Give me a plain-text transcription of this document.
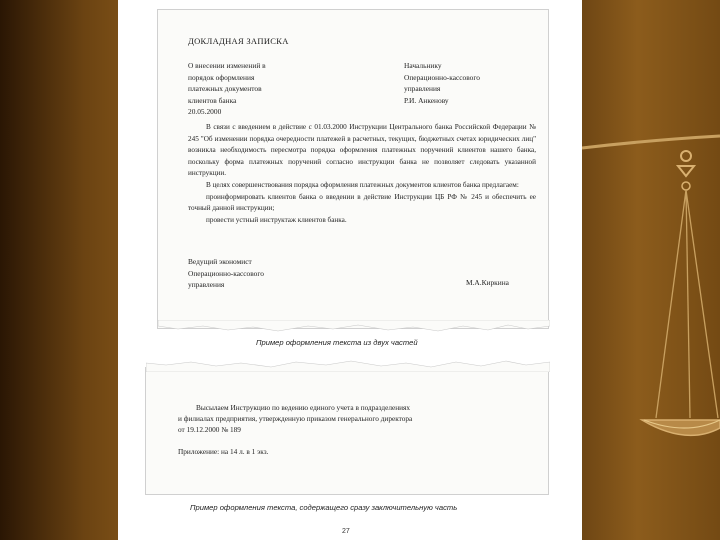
ДОКЛАДНАЯ ЗАПИСКА
О внесении изменений в
порядок оформления
платежных документов
клиентов банка
20.05.2000
Начальнику
Операционно-кассового
управления
Р.И. Анкенову

В связи с введением в действие с 01.03.2000 Инструкции Центрального банка Российской Федерации № 245 "Об изменении порядка очередности платежей в расчетных, текущих, бюджетных счетах юридических лиц" возникла необходимость пересмотра порядка оформления платежных поручений клиентов нашего банка, поскольку форма платежных поручений согласно инструкции банка не позволяет следовать указанной инструкции.

В целях совершенствования порядка оформления платежных документов клиентов банка предлагаем:

проинформировать клиентов банка о введении в действие Инструкции ЦБ РФ № 245 и обеспечить ее точный данной инструкции;

провести устный инструктаж клиентов банка.

Ведущий экономист
Операционно-кассового
управления	М.А.Киркина
Пример оформления текста из двух частей

Высылаем Инструкцию по ведению единого учета в подразделениях

и филиалах предприятия, утвержденную приказом генерального директора

от 19.12.2000 № 189

Приложение: на 14 л. в 1 экз.
Пример оформления текста, содержащего сразу заключительную часть
27
